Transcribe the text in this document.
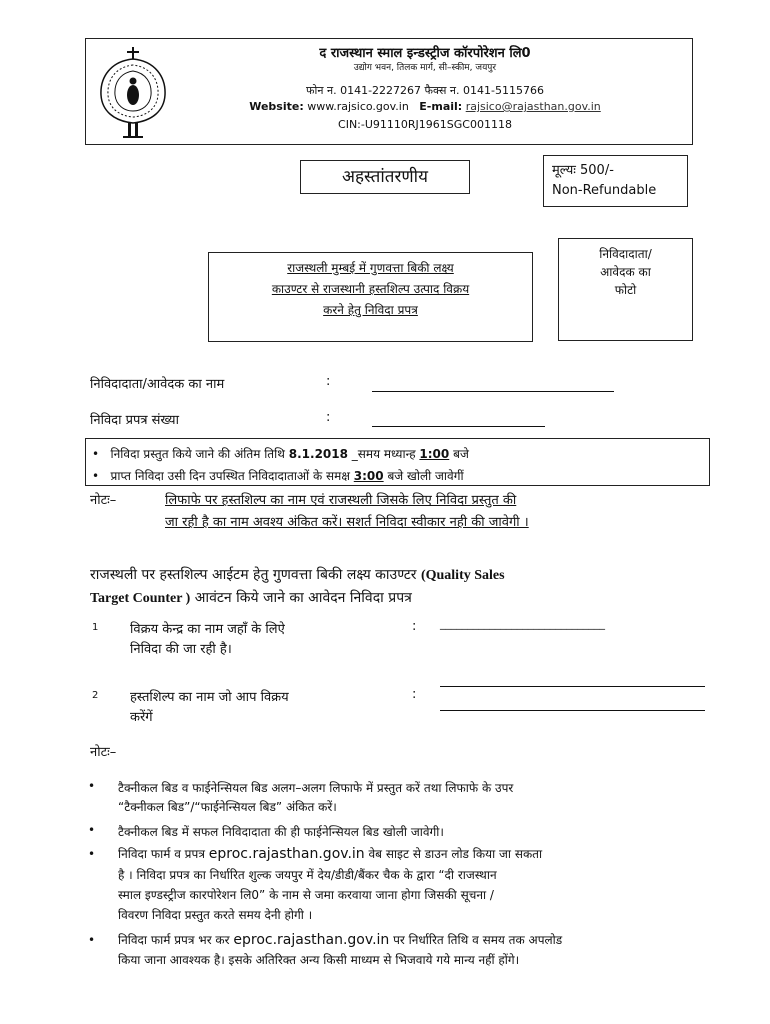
द राजस्थान स्माल इन्डस्ट्रीज कॉरपोरेशन लि0
उद्योग भवन, तिलक मार्ग, सी–स्कीम, जयपुर
फोन न. 0141-2227267 फैक्स न. 0141-5115766
Website: www.rajsico.gov.in E-mail: rajsico@rajasthan.gov.in
CIN:-U91110RJ1961SGC001118
अहस्तांतरणीय	मूल्यः 500/-
Non-Refundable
राजस्थली मुम्बई में गुणवत्ता बिकी लक्ष्य
काउण्टर से राजस्थानी हस्तशिल्प उत्पाद विक्रय
करने हेतु निविदा प्रपत्र
निविदादाता/
आवेदक का
फोटो
निविदादाता/आवेदक का नाम	:
निविदा प्रपत्र संख्या	:
• निविदा प्रस्तुत किये जाने की अंतिम तिथि 8.1.2018 _समय मध्यान्ह 1:00 बजे
• प्राप्त निविदा उसी दिन उपस्थित निविदादाताओं के समक्ष 3:00 बजे खोली जावेगीं
नोटः–	लिफाफे पर हस्तशिल्प का नाम एवं राजस्थली जिसके लिए निविदा प्रस्तुत की
जा रही है का नाम अवश्य अंकित करें। सशर्त निविदा स्वीकार नही की जावेगी ।
राजस्थली पर हस्तशिल्प आईटम हेतु गुणवत्ता बिकी लक्ष्य काउण्टर (Quality Sales
Target Counter ) आवंटन किये जाने का आवेदन निविदा प्रपत्र
1 विक्रय केन्द्र का नाम जहाँ के लिऐ
निविदा की जा रही है।
: ______________________________
2 हस्तशिल्प का नाम जो आप विक्रय
करेंगें
:
नोटः–
• टैक्नीकल बिड व फाईनेन्सियल बिड अलग–अलग लिफाफे में प्रस्तुत करें तथा लिफाफे के उपर
“टैक्नीकल बिड”/“फाईनेन्सियल बिड” अंकित करें।
• टैक्नीकल बिड में सफल निविदादाता की ही फाईनेन्सियल बिड खोली जावेगी।
• निविदा फार्म व प्रपत्र eproc.rajasthan.gov.in वेब साइट से डाउन लोड किया जा सकता
है । निविदा प्रपत्र का निर्धारित शुल्क जयपुर में देय/डीडी/बैंकर चैक के द्वारा “दी राजस्थान
स्माल इण्डस्ट्रीज कारपोरेशन लि0” के नाम से जमा करवाया जाना होगा जिसकी सूचना /
विवरण निविदा प्रस्तुत करते समय देनी होगी ।
• निविदा फार्म प्रपत्र भर कर eproc.rajasthan.gov.in पर निर्धारित तिथि व समय तक अपलोड
किया जाना आवश्यक है। इसके अतिरिक्त अन्य किसी माध्यम से भिजवाये गये मान्य नहीं होंगे।
